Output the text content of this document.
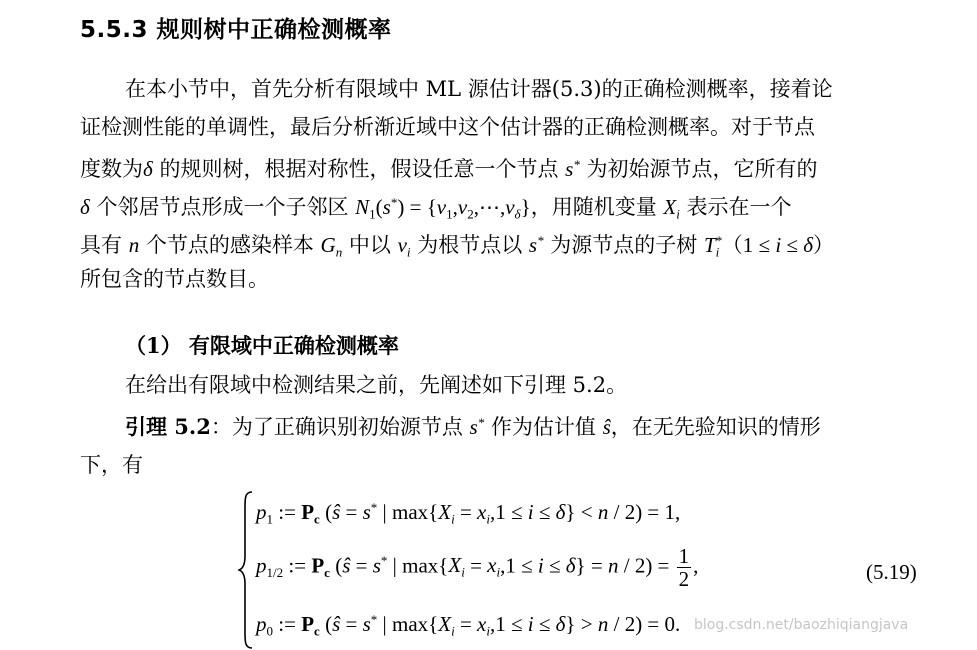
5.5.3 规则树中正确检测概率
在本小节中，首先分析有限域中 ML 源估计器(5.3)的正确检测概率，接着论
证检测性能的单调性，最后分析渐近域中这个估计器的正确检测概率。对于节点
度数为δ 的规则树，根据对称性，假设任意一个节点 s* 为初始源节点，它所有的
δ 个邻居节点形成一个子邻区 $N_1(s^*)$ = $\{v_1,v_2,\cdots,v_\delta\}$，用随机变量 $X_i$ 表示在一个
具有 n 个节点的感染样本 $G_n$ 中以 $v_i$ 为根节点以 s* 为源节点的子树 $T_i^*(1 \le i \le \delta)$
所包含的节点数目。
（1） 有限域中正确检测概率
在给出有限域中检测结果之前，先阐述如下引理 5.2。
引理 5.2：为了正确识别初始源节点 s* 作为估计值 ŝ，在无先验知识的情形
下，有
$p_1$ := $P_c$ (ŝ = s* | $\max\{X_i = x_i,1 \le i \le \delta\} < n / 2) = 1$,
$p_{1/2}$ := $P_c$ (ŝ = s* | $\max\{X_i = x_i,1 \le i \le \delta\} = n / 2) = \frac{1}{2}$ ,
$p_0$ := $P_c$ (ŝ = s* | $\max\{X_i = x_i,1 \le i \le \delta\} > n / 2) = 0$.
(5.19)
blog.csdn.net/baozhiqiangjava
